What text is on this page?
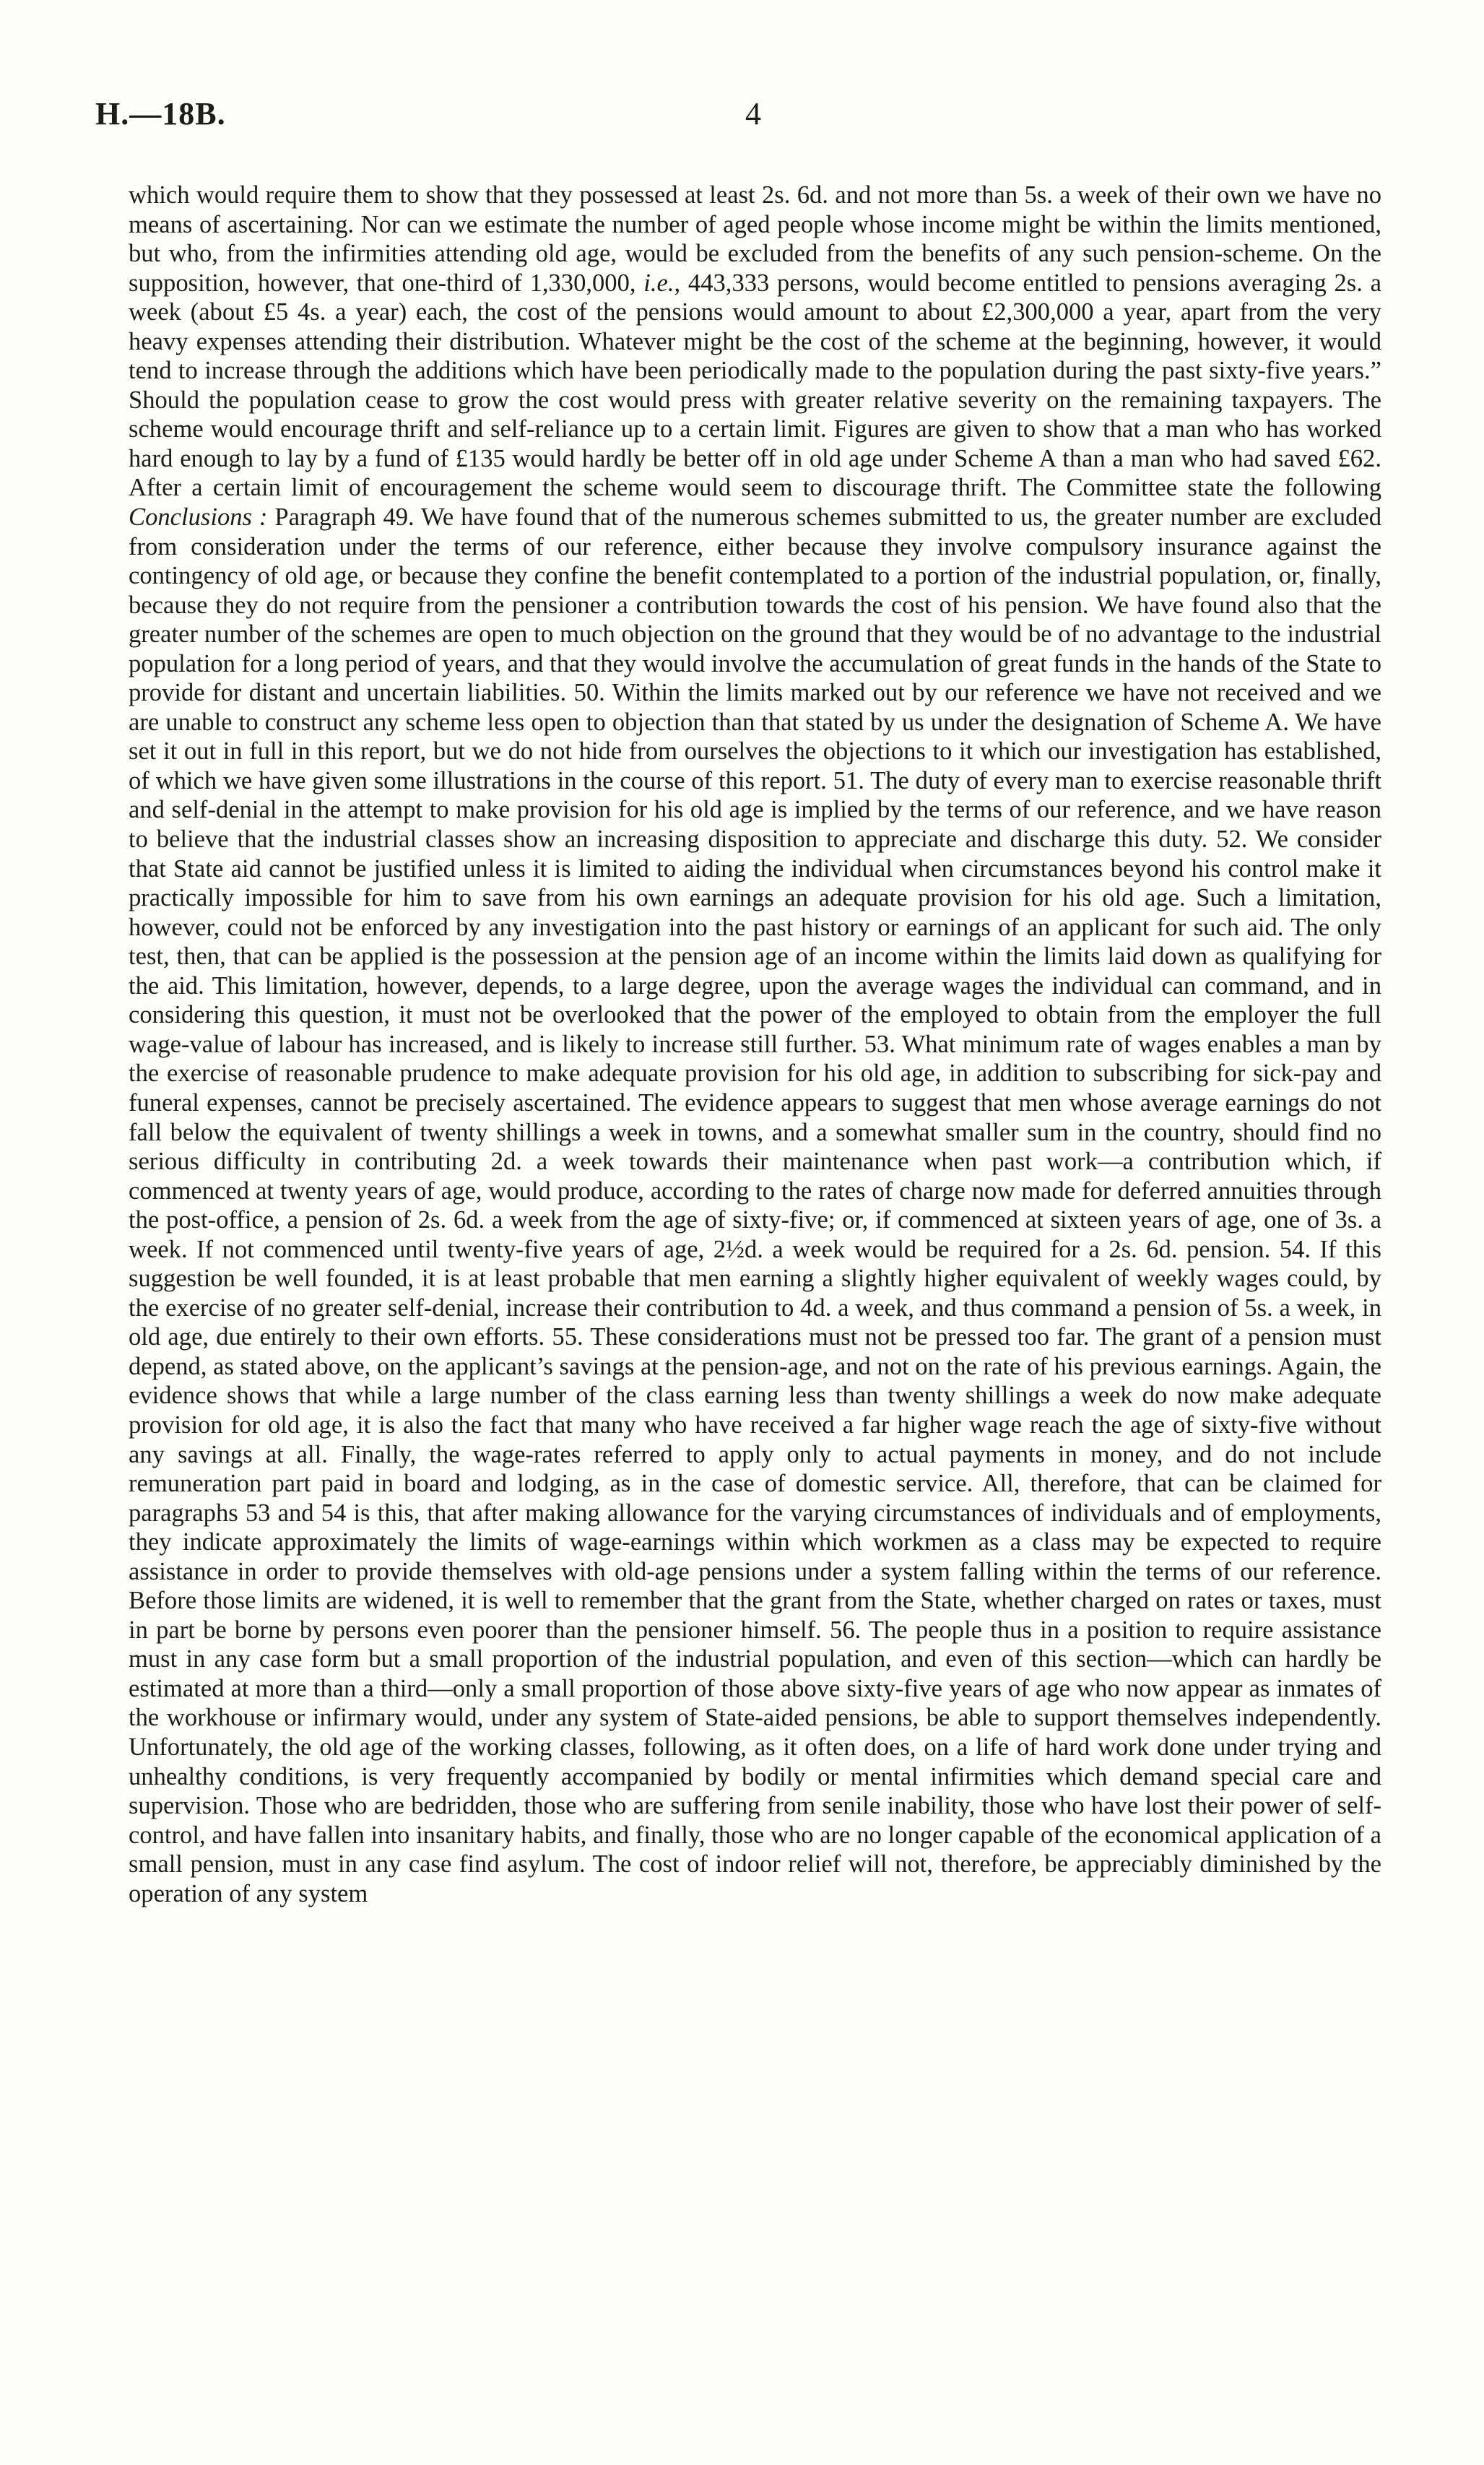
H.—18B.	4

which would require them to show that they possessed at least 2s. 6d. and not more than 5s. a week of their own we have no means of ascertaining. Nor can we estimate the number of aged people whose income might be within the limits mentioned, but who, from the infirmities attending old age, would be excluded from the benefits of any such pension-scheme. On the supposition, however, that one-third of 1,330,000, i.e., 443,333 persons, would become entitled to pensions averaging 2s. a week (about £5 4s. a year) each, the cost of the pensions would amount to about £2,300,000 a year, apart from the very heavy expenses attending their distribution. Whatever might be the cost of the scheme at the beginning, however, it would tend to increase through the additions which have been periodically made to the population during the past sixty-five years.” Should the population cease to grow the cost would press with greater relative severity on the remaining taxpayers. The scheme would encourage thrift and self-reliance up to a certain limit. Figures are given to show that a man who has worked hard enough to lay by a fund of £135 would hardly be better off in old age under Scheme A than a man who had saved £62. After a certain limit of encouragement the scheme would seem to discourage thrift. The Committee state the following Conclusions : Paragraph 49. We have found that of the numerous schemes submitted to us, the greater number are excluded from consideration under the terms of our reference, either because they involve compulsory insurance against the contingency of old age, or because they confine the benefit contemplated to a portion of the industrial population, or, finally, because they do not require from the pensioner a contribution towards the cost of his pension. We have found also that the greater number of the schemes are open to much objection on the ground that they would be of no advantage to the industrial population for a long period of years, and that they would involve the accumulation of great funds in the hands of the State to provide for distant and uncertain liabilities. 50. Within the limits marked out by our reference we have not received and we are unable to construct any scheme less open to objection than that stated by us under the designation of Scheme A. We have set it out in full in this report, but we do not hide from ourselves the objections to it which our investigation has established, of which we have given some illustrations in the course of this report. 51. The duty of every man to exercise reasonable thrift and self-denial in the attempt to make provision for his old age is implied by the terms of our reference, and we have reason to believe that the industrial classes show an increasing disposition to appreciate and discharge this duty. 52. We consider that State aid cannot be justified unless it is limited to aiding the individual when circumstances beyond his control make it practically impossible for him to save from his own earnings an adequate provision for his old age. Such a limitation, however, could not be enforced by any investigation into the past history or earnings of an applicant for such aid. The only test, then, that can be applied is the possession at the pension age of an income within the limits laid down as qualifying for the aid. This limitation, however, depends, to a large degree, upon the average wages the individual can command, and in considering this question, it must not be overlooked that the power of the employed to obtain from the employer the full wage-value of labour has increased, and is likely to increase still further. 53. What minimum rate of wages enables a man by the exercise of reasonable prudence to make adequate provision for his old age, in addition to subscribing for sick-pay and funeral expenses, cannot be precisely ascertained. The evidence appears to suggest that men whose average earnings do not fall below the equivalent of twenty shillings a week in towns, and a somewhat smaller sum in the country, should find no serious difficulty in contributing 2d. a week towards their maintenance when past work—a contribution which, if commenced at twenty years of age, would produce, according to the rates of charge now made for deferred annuities through the post-office, a pension of 2s. 6d. a week from the age of sixty-five; or, if commenced at sixteen years of age, one of 3s. a week. If not commenced until twenty-five years of age, 2½d. a week would be required for a 2s. 6d. pension. 54. If this suggestion be well founded, it is at least probable that men earning a slightly higher equivalent of weekly wages could, by the exercise of no greater self-denial, increase their contribution to 4d. a week, and thus command a pension of 5s. a week, in old age, due entirely to their own efforts. 55. These considerations must not be pressed too far. The grant of a pension must depend, as stated above, on the applicant’s savings at the pension-age, and not on the rate of his previous earnings. Again, the evidence shows that while a large number of the class earning less than twenty shillings a week do now make adequate provision for old age, it is also the fact that many who have received a far higher wage reach the age of sixty-five without any savings at all. Finally, the wage-rates referred to apply only to actual payments in money, and do not include remuneration part paid in board and lodging, as in the case of domestic service. All, therefore, that can be claimed for paragraphs 53 and 54 is this, that after making allowance for the varying circumstances of individuals and of employments, they indicate approximately the limits of wage-earnings within which workmen as a class may be expected to require assistance in order to provide themselves with old-age pensions under a system falling within the terms of our reference. Before those limits are widened, it is well to remember that the grant from the State, whether charged on rates or taxes, must in part be borne by persons even poorer than the pensioner himself. 56. The people thus in a position to require assistance must in any case form but a small proportion of the industrial population, and even of this section—which can hardly be estimated at more than a third—only a small proportion of those above sixty-five years of age who now appear as inmates of the workhouse or infirmary would, under any system of State-aided pensions, be able to support themselves independently. Unfortunately, the old age of the working classes, following, as it often does, on a life of hard work done under trying and unhealthy conditions, is very frequently accompanied by bodily or mental infirmities which demand special care and supervision. Those who are bedridden, those who are suffering from senile inability, those who have lost their power of self-control, and have fallen into insanitary habits, and finally, those who are no longer capable of the economical application of a small pension, must in any case find asylum. The cost of indoor relief will not, therefore, be appreciably diminished by the operation of any system
